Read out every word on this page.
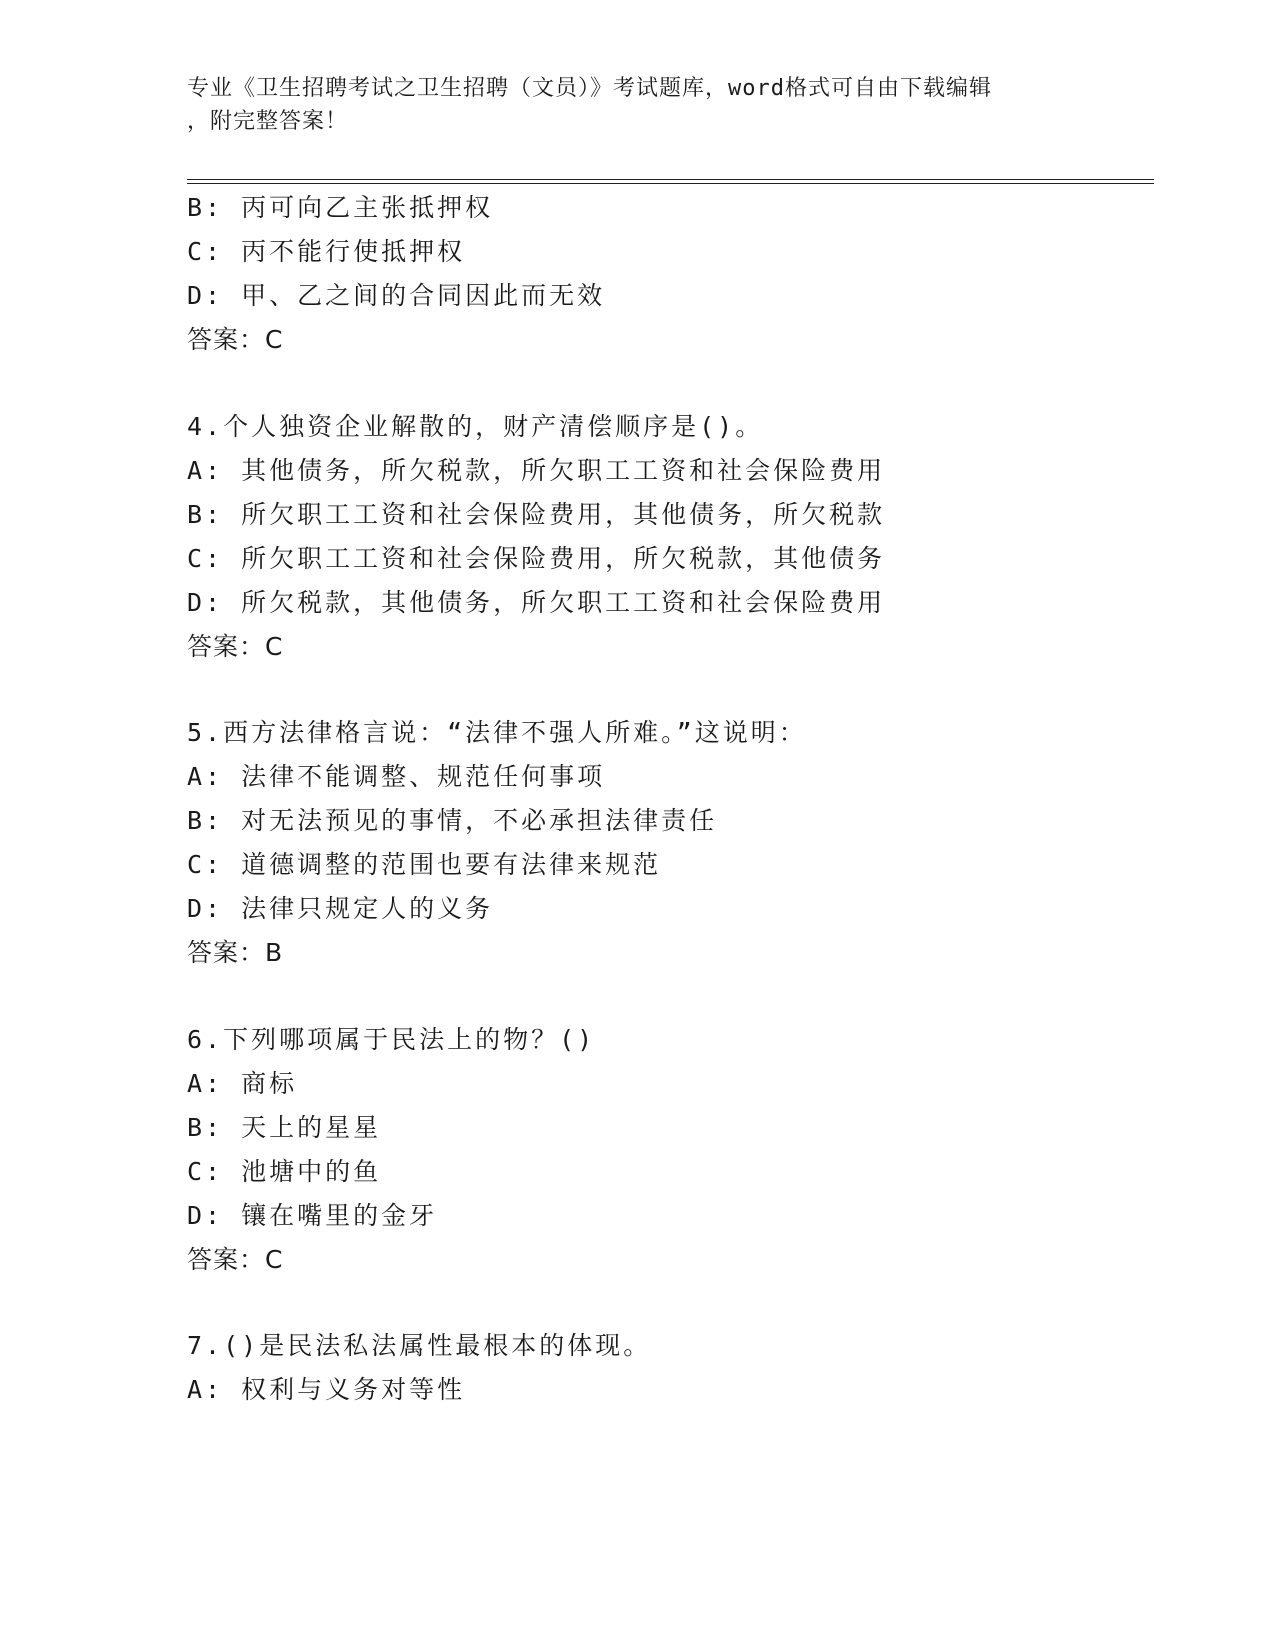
专业《卫生招聘考试之卫生招聘（文员）》考试题库，word格式可自由下载编辑
，附完整答案！
B: 丙可向乙主张抵押权
C: 丙不能行使抵押权
D: 甲、乙之间的合同因此而无效
答案：C
4.个人独资企业解散的，财产清偿顺序是()。
A: 其他债务，所欠税款，所欠职工工资和社会保险费用
B: 所欠职工工资和社会保险费用，其他债务，所欠税款
C: 所欠职工工资和社会保险费用，所欠税款，其他债务
D: 所欠税款，其他债务，所欠职工工资和社会保险费用
答案：C
5.西方法律格言说：“法律不强人所难。”这说明：
A: 法律不能调整、规范任何事项
B: 对无法预见的事情，不必承担法律责任
C: 道德调整的范围也要有法律来规范
D: 法律只规定人的义务
答案：B
6.下列哪项属于民法上的物？()
A: 商标
B: 天上的星星
C: 池塘中的鱼
D: 镶在嘴里的金牙
答案：C
7.()是民法私法属性最根本的体现。
A: 权利与义务对等性
